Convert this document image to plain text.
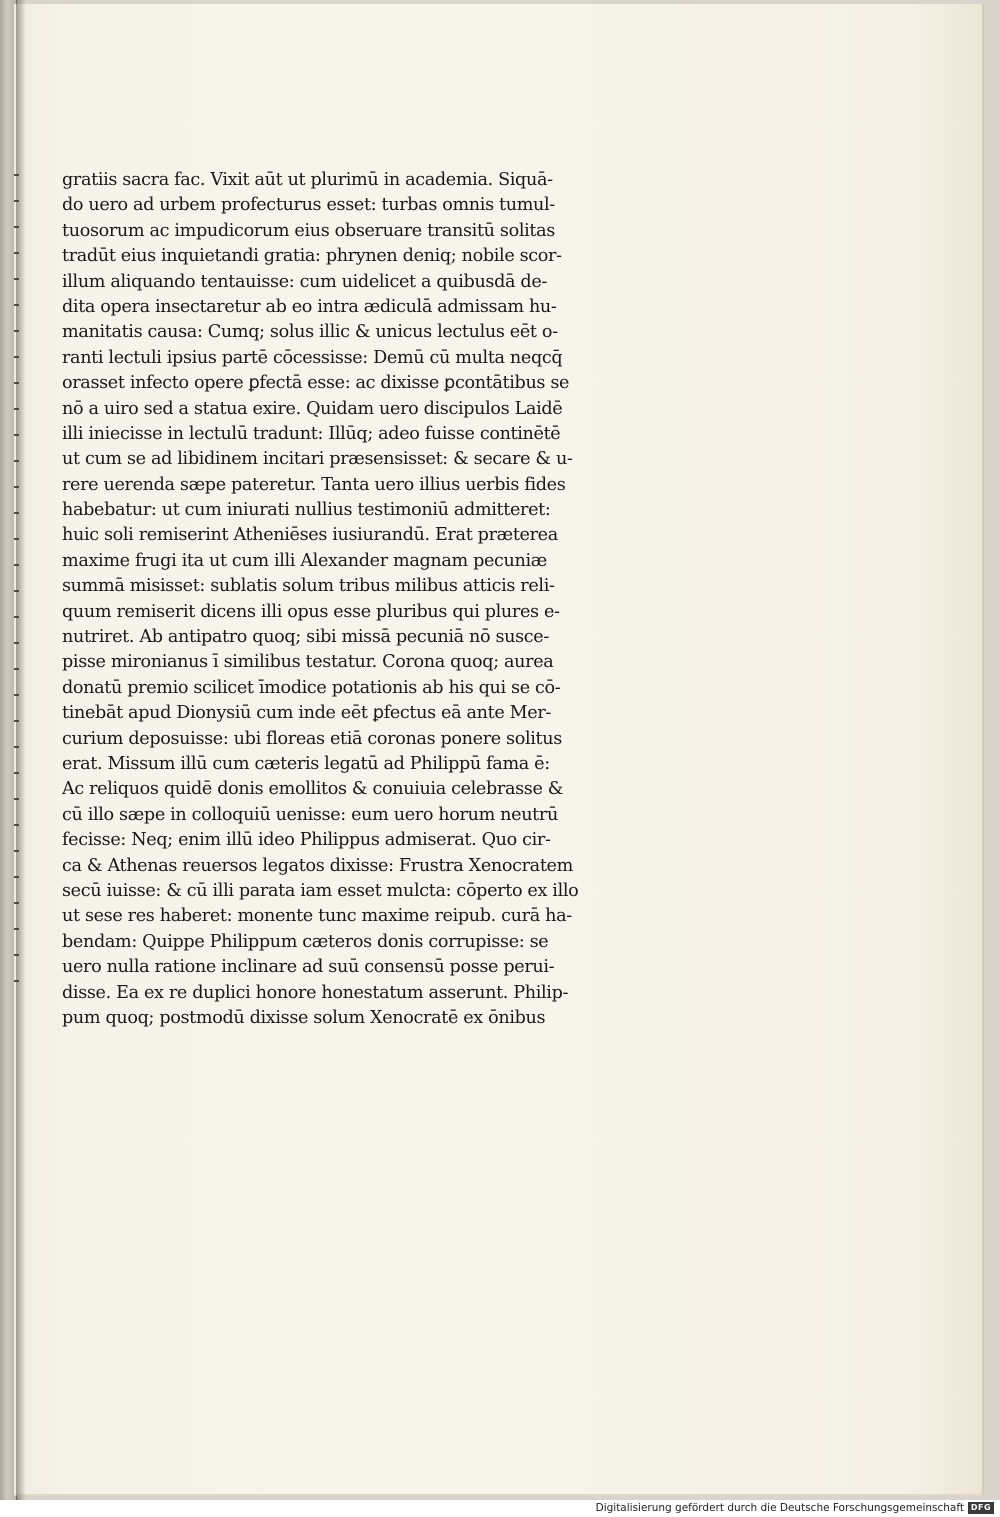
gratiis sacra fac. Vixit aūt ut plurimū in academia. Siquā-
do uero ad urbem profecturus esset: turbas omnis tumul-
tuosorum ac impudicorum eius obseruare transitū solitas
tradūt eius inquietandi gratia: phrynen deniq; nobile scor-
illum aliquando tentauisse: cum uidelicet a quibusdā de-
dita opera insectaretur ab eo intra ædiculā admissam hu-
manitatis causa: Cumq; solus illic & unicus lectulus eēt o-
ranti lectuli ipsius partē cōcessisse: Demū cū multa neqcq̄
orasset infecto opere ꝑfectā esse: ac dixisse ꝑcontātibus se
nō a uiro sed a statua exire. Quidam uero discipulos Laidē
illi iniecisse in lectulū tradunt: Illūq; adeo fuisse continētē
ut cum se ad libidinem incitari præsensisset: & secare & u-
rere uerenda sæpe pateretur. Tanta uero illius uerbis fides
habebatur: ut cum iniurati nullius testimoniū admitteret:
huic soli remiserint Atheniēses iusiurandū. Erat præterea
maxime frugi ita ut cum illi Alexander magnam pecuniæ
summā misisset: sublatis solum tribus milibus atticis reli-
quum remiserit dicens illi opus esse pluribus qui plures e-
nutriret. Ab antipatro quoq; sibi missā pecuniā nō susce-
pisse mironianus ī similibus testatur. Corona quoq; aurea
donatū premio scilicet īmodice potationis ab his qui se cō-
tinebāt apud Dionysiū cum inde eēt ꝑfectus eā ante Mer-
curium deposuisse: ubi floreas etiā coronas ponere solitus
erat. Missum illū cum cæteris legatū ad Philippū fama ē:
Ac reliquos quidē donis emollitos & conuiuia celebrasse &
cū illo sæpe in colloquiū uenisse: eum uero horum neutrū
fecisse: Neq; enim illū ideo Philippus admiserat. Quo cir-
ca & Athenas reuersos legatos dixisse: Frustra Xenocratem
secū iuisse: & cū illi parata iam esset mulcta: cōperto ex illo
ut sese res haberet: monente tunc maxime reipub. curā ha-
bendam: Quippe Philippum cæteros donis corrupisse: se
uero nulla ratione inclinare ad suū consensū posse perui-
disse. Ea ex re duplici honore honestatum asserunt. Philip-
pum quoq; postmodū dixisse solum Xenocratē ex ōnibus
Digitalisierung gefördert durch die Deutsche Forschungsgemeinschaft DFG
